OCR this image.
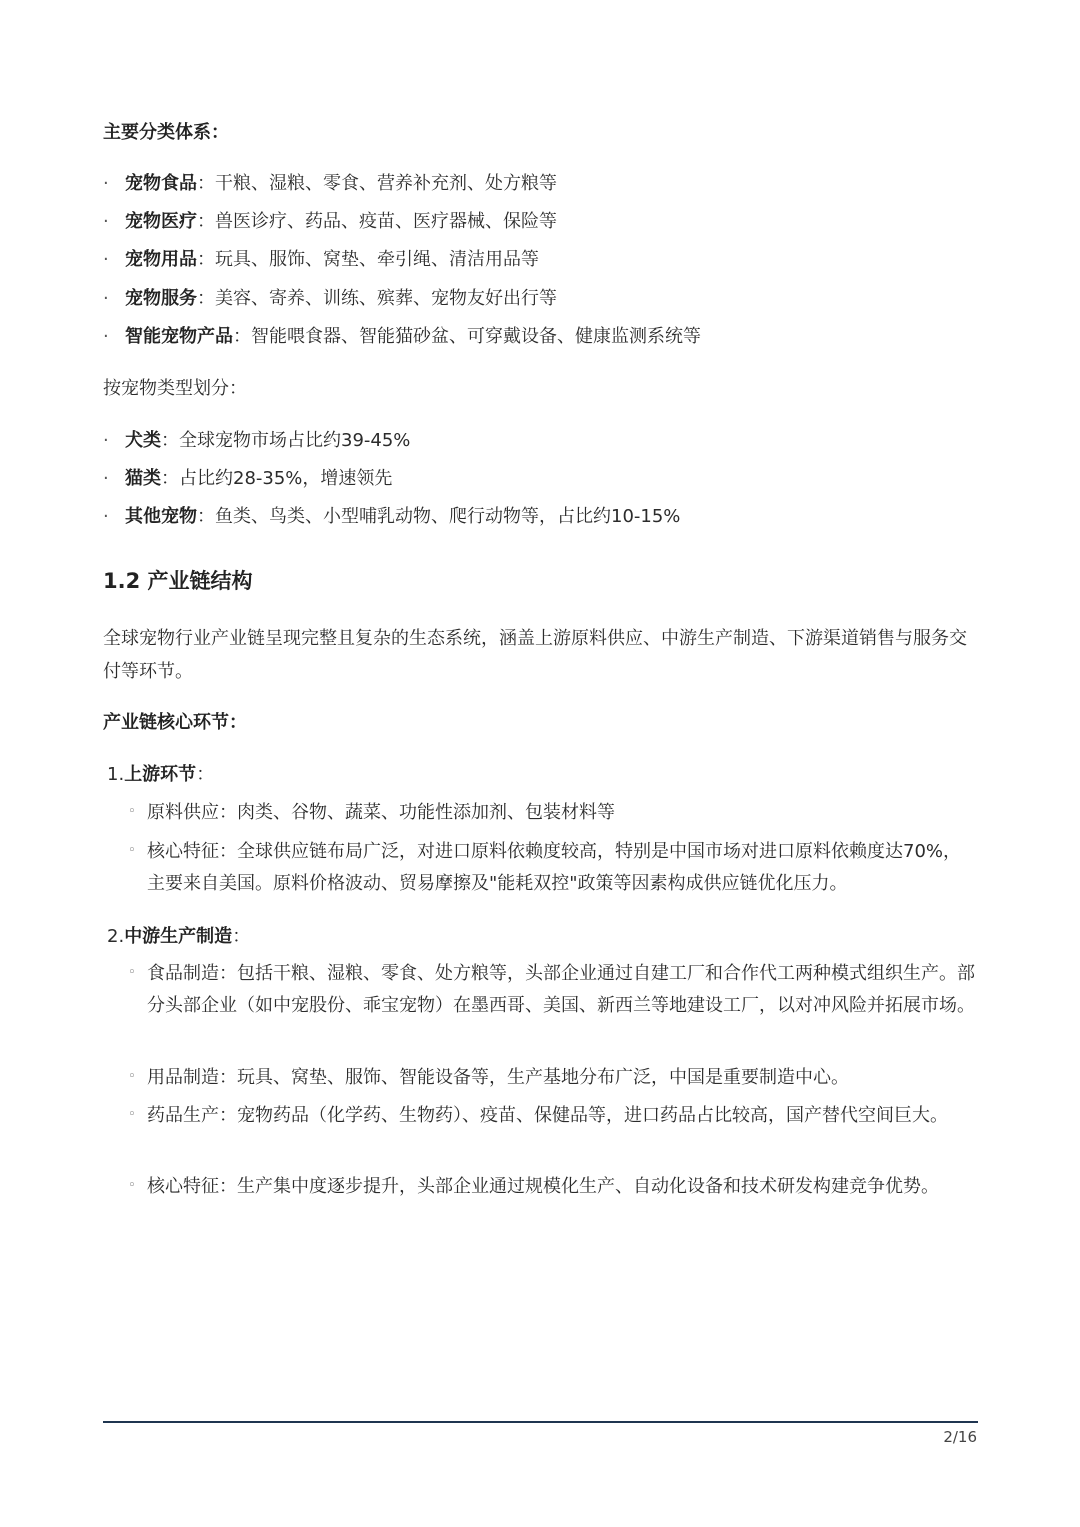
主要分类体系：
· 宠物食品：干粮、湿粮、零食、营养补充剂、处方粮等
· 宠物医疗：兽医诊疗、药品、疫苗、医疗器械、保险等
· 宠物用品：玩具、服饰、窝垫、牵引绳、清洁用品等
· 宠物服务：美容、寄养、训练、殡葬、宠物友好出行等
· 智能宠物产品：智能喂食器、智能猫砂盆、可穿戴设备、健康监测系统等
按宠物类型划分：
· 犬类：全球宠物市场占比约39-45%
· 猫类：占比约28-35%，增速领先
· 其他宠物：鱼类、鸟类、小型哺乳动物、爬行动物等，占比约10-15%
1.2 产业链结构
全球宠物行业产业链呈现完整且复杂的生态系统，涵盖上游原料供应、中游生产制造、下游渠道销售与服务交付等环节。
产业链核心环节：
1.上游环节：
◦ 原料供应：肉类、谷物、蔬菜、功能性添加剂、包装材料等
◦ 核心特征：全球供应链布局广泛，对进口原料依赖度较高，特别是中国市场对进口原料依赖度达70%，主要来自美国。原料价格波动、贸易摩擦及"能耗双控"政策等因素构成供应链优化压力。
2.中游生产制造：
◦ 食品制造：包括干粮、湿粮、零食、处方粮等，头部企业通过自建工厂和合作代工两种模式组织生产。部分头部企业（如中宠股份、乖宝宠物）在墨西哥、美国、新西兰等地建设工厂，以对冲风险并拓展市场。
◦ 用品制造：玩具、窝垫、服饰、智能设备等，生产基地分布广泛，中国是重要制造中心。
◦ 药品生产：宠物药品（化学药、生物药）、疫苗、保健品等，进口药品占比较高，国产替代空间巨大。
◦ 核心特征：生产集中度逐步提升，头部企业通过规模化生产、自动化设备和技术研发构建竞争优势。
2/16
